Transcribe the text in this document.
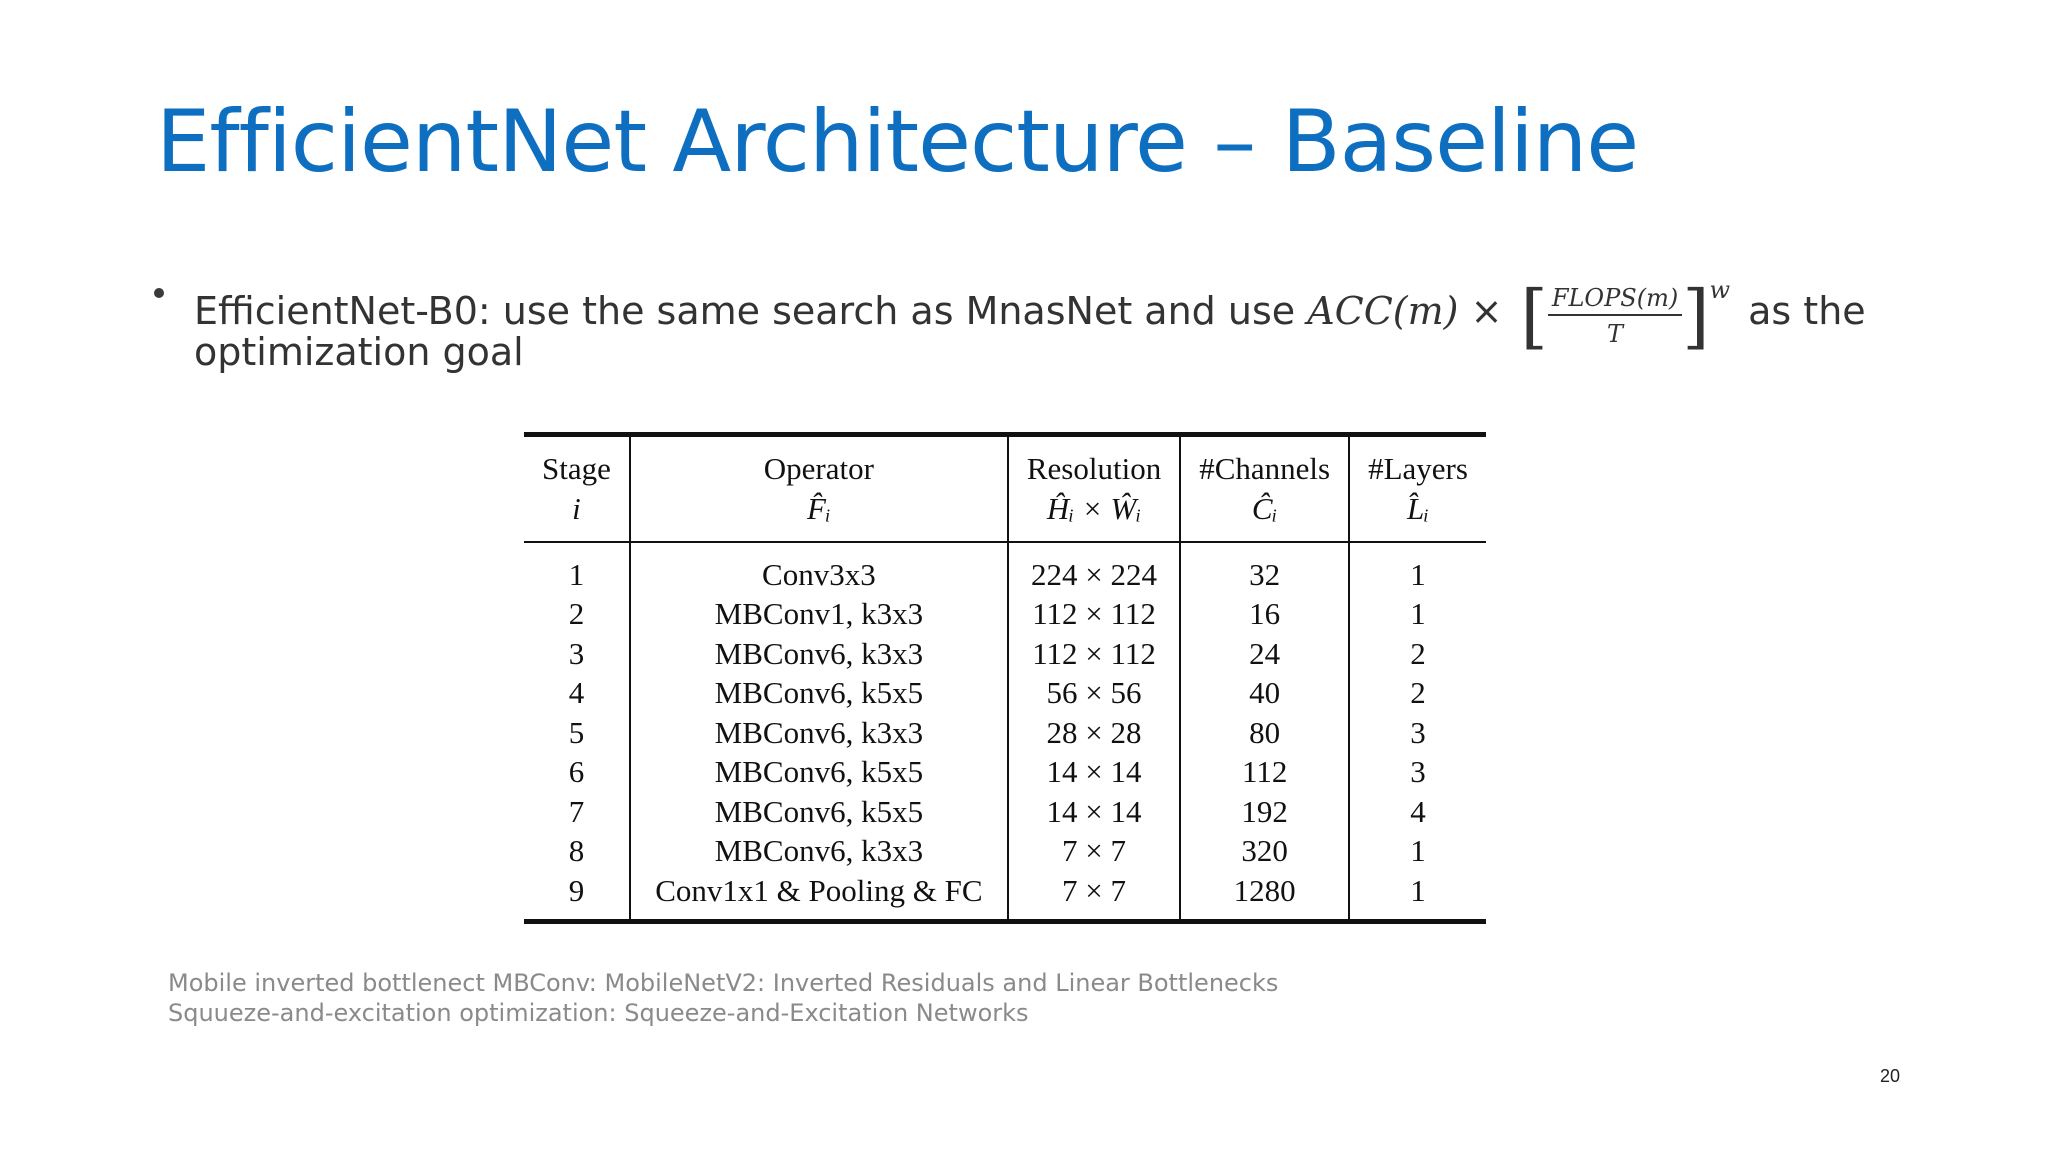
EfficientNet Architecture – Baseline
EfficientNet-B0: use the same search as MnasNet and use ACC(m) × [ $\frac{\text{FLOPS(m)}}{T} ]^w$ as the
optimization goal
Stage	Operator	Resolution	#Channels	#Layers
i	F̂ᵢ	Ĥᵢ × Ŵᵢ	Ĉᵢ	L̂ᵢ
1	Conv3x3	224 × 224	32	1
2	MBConv1, k3x3	112 × 112	16	1
3	MBConv6, k3x3	112 × 112	24	2
4	MBConv6, k5x5	56 × 56	40	2
5	MBConv6, k3x3	28 × 28	80	3
6	MBConv6, k5x5	14 × 14	112	3
7	MBConv6, k5x5	14 × 14	192	4
8	MBConv6, k3x3	7 × 7	320	1
9	Conv1x1 & Pooling & FC	7 × 7	1280	1
Mobile inverted bottlenect MBConv: MobileNetV2: Inverted Residuals and Linear Bottlenecks
Squueze-and-excitation optimization: Squeeze-and-Excitation Networks
20
